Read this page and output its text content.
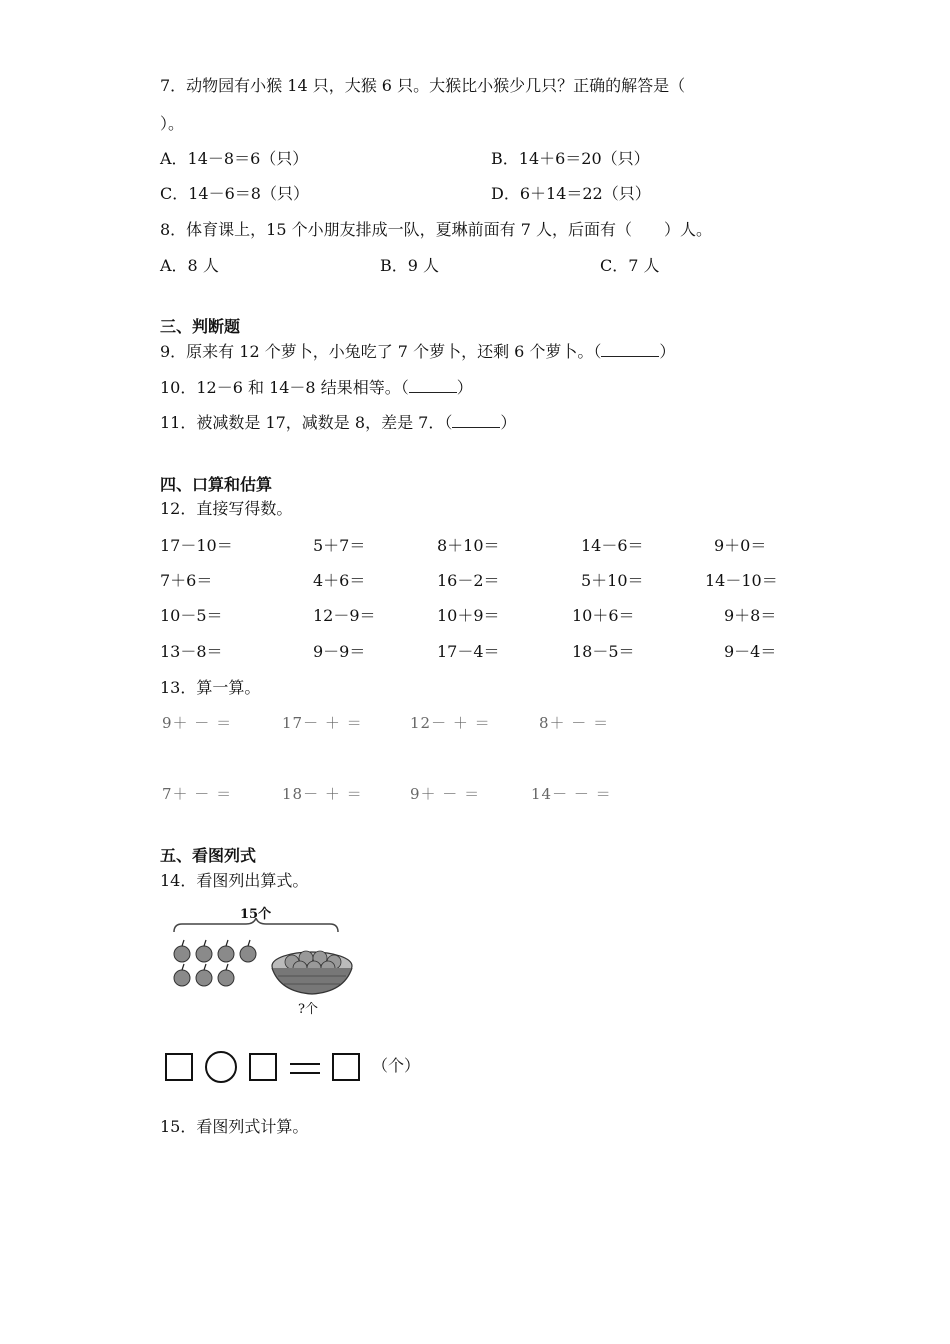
7．动物园有小猴 14 只，大猴 6 只。大猴比小猴少几只？正确的解答是（
）。
A．14－8＝6（只）	B．14＋6＝20（只）
C．14－6＝8（只）	D．6＋14＝22（只）
8．体育课上，15 个小朋友排成一队，夏琳前面有 7 人，后面有（　　）人。
A．8 人	B．9 人	C．7 人
三、判断题
9．原来有 12 个萝卜，小兔吃了 7 个萝卜，还剩 6 个萝卜。（	）
10．12－6 和 14－8 结果相等。（	）
11．被减数是 17，减数是 8，差是 7．（	）
四、口算和估算
12．直接写得数。
17－10＝	5＋7＝	8＋10＝	14－6＝	9＋0＝
7＋6＝	4＋6＝	16－2＝	5＋10＝	14－10＝
10－5＝	12－9＝	10＋9＝	10＋6＝	9＋8＝
13－8＝	9－9＝	17－4＝	18－5＝	9－4＝
13．算一算。
9＋ － ＝	17－ ＋ ＝	12－ ＋ ＝	8＋ － ＝
7＋ － ＝	18－ ＋ ＝	9＋ － ＝	14－ － ＝
五、看图列式
14．看图列出算式。
15个
?个
（个）
15．看图列式计算。
